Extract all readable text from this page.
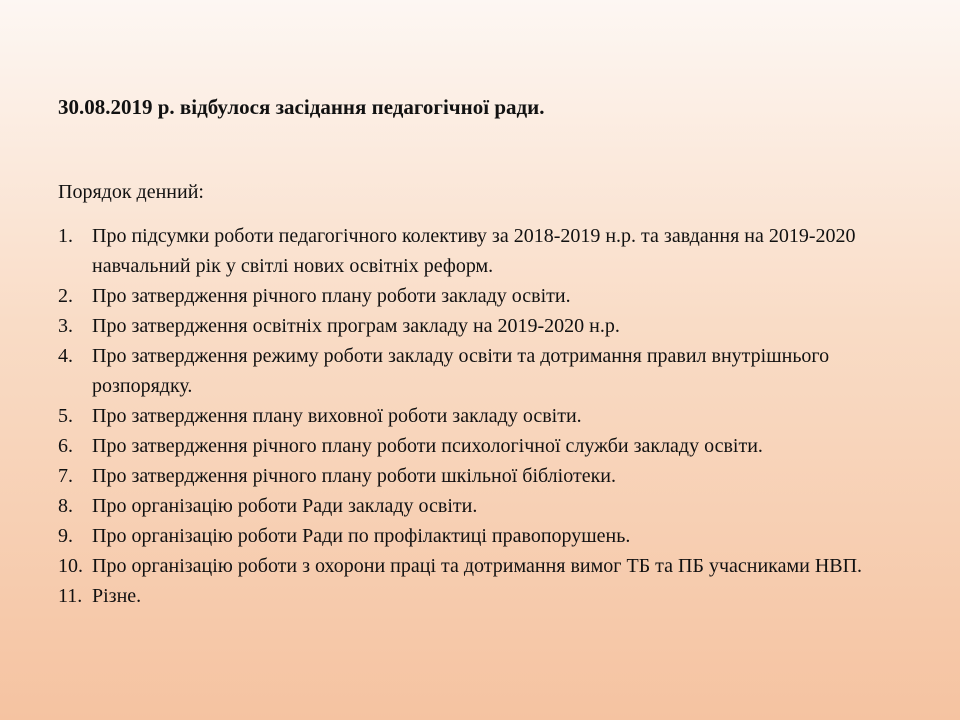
30.08.2019 р. відбулося засідання педагогічної ради.
Порядок денний:
1. Про підсумки роботи педагогічного колективу за 2018-2019 н.р. та завдання на 2019-2020 навчальний рік у світлі нових освітніх реформ.
2. Про затвердження річного плану роботи закладу освіти.
3. Про затвердження освітніх програм закладу на 2019-2020 н.р.
4. Про затвердження режиму роботи закладу освіти та дотримання правил внутрішнього розпорядку.
5. Про затвердження плану виховної роботи закладу освіти.
6. Про затвердження річного плану роботи психологічної служби закладу освіти.
7. Про затвердження річного плану роботи шкільної бібліотеки.
8. Про організацію роботи Ради закладу освіти.
9. Про організацію роботи Ради по профілактиці правопорушень.
10. Про організацію роботи з охорони праці та дотримання вимог ТБ та ПБ учасниками НВП.
11. Різне.
